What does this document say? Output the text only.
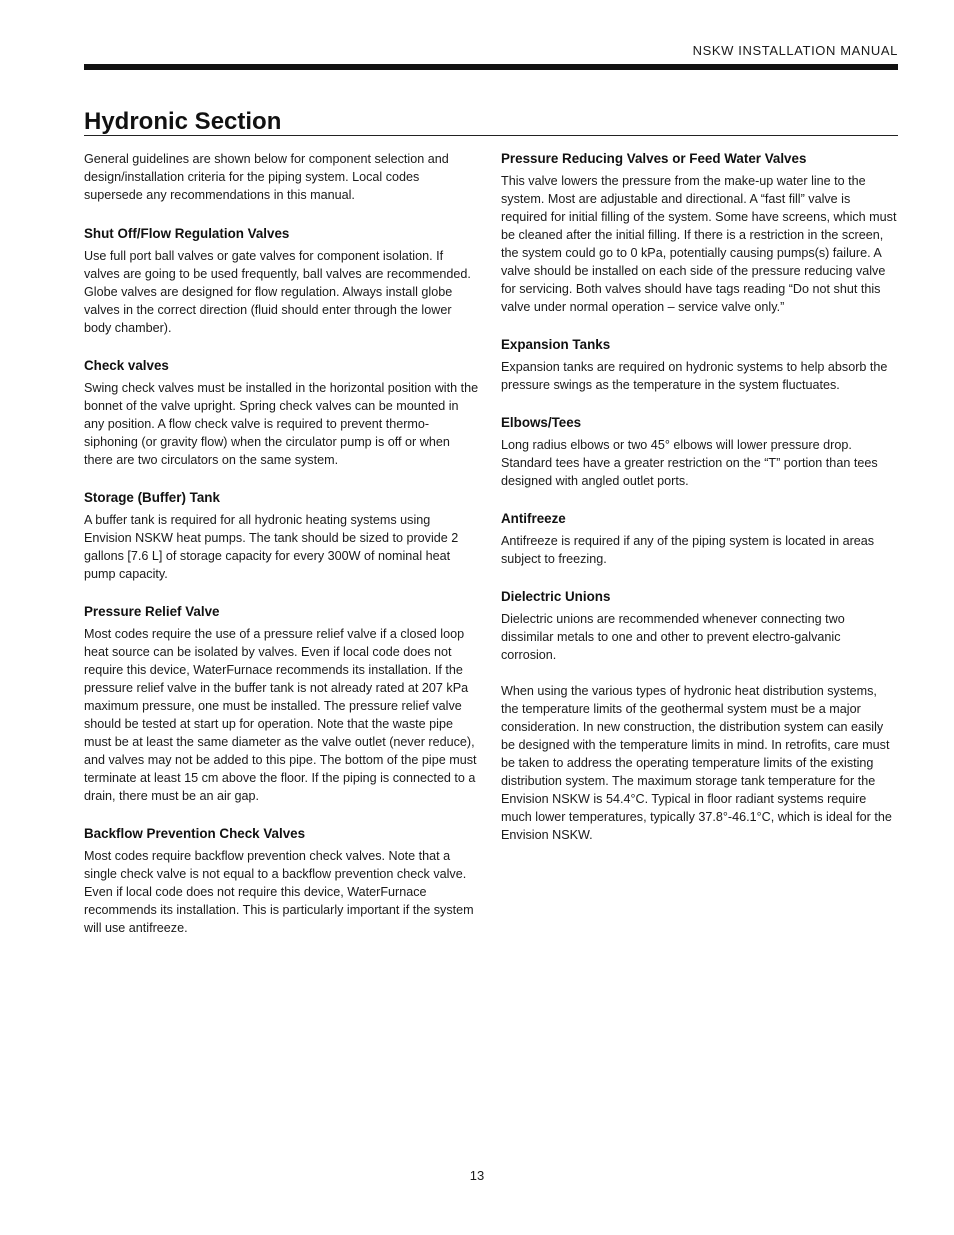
NSKW INSTALLATION MANUAL
Hydronic Section

General guidelines are shown below for component selection and design/installation criteria for the piping system. Local codes supersede any recommendations in this manual.

Shut Off/Flow Regulation Valves

Use full port ball valves or gate valves for component isolation. If valves are going to be used frequently, ball valves are recommended. Globe valves are designed for flow regulation. Always install globe valves in the correct direction (fluid should enter through the lower body chamber).

Check valves

Swing check valves must be installed in the horizontal position with the bonnet of the valve upright. Spring check valves can be mounted in any position. A flow check valve is required to prevent thermo-siphoning (or gravity flow) when the circulator pump is off or when there are two circulators on the same system.

Storage (Buffer) Tank

A buffer tank is required for all hydronic heating systems using Envision NSKW heat pumps. The tank should be sized to provide 2 gallons [7.6 L] of storage capacity for every 300W of nominal heat pump capacity.

Pressure Relief Valve

Most codes require the use of a pressure relief valve if a closed loop heat source can be isolated by valves. Even if local code does not require this device, WaterFurnace recommends its installation. If the pressure relief valve in the buffer tank is not already rated at 207 kPa maximum pressure, one must be installed. The pressure relief valve should be tested at start up for operation. Note that the waste pipe must be at least the same diameter as the valve outlet (never reduce), and valves may not be added to this pipe. The bottom of the pipe must terminate at least 15 cm above the floor. If the piping is connected to a drain, there must be an air gap.

Backflow Prevention Check Valves

Most codes require backflow prevention check valves. Note that a single check valve is not equal to a backflow prevention check valve. Even if local code does not require this device, WaterFurnace recommends its installation. This is particularly important if the system will use antifreeze.

Pressure Reducing Valves or Feed Water Valves

This valve lowers the pressure from the make-up water line to the system. Most are adjustable and directional. A “fast fill” valve is required for initial filling of the system. Some have screens, which must be cleaned after the initial filling. If there is a restriction in the screen, the system could go to 0 kPa, potentially causing pumps(s) failure. A valve should be installed on each side of the pressure reducing valve for servicing. Both valves should have tags reading “Do not shut this valve under normal operation – service valve only.”

Expansion Tanks

Expansion tanks are required on hydronic systems to help absorb the pressure swings as the temperature in the system fluctuates.

Elbows/Tees

Long radius elbows or two 45° elbows will lower pressure drop. Standard tees have a greater restriction on the “T” portion than tees designed with angled outlet ports.

Antifreeze

Antifreeze is required if any of the piping system is located in areas subject to freezing.

Dielectric Unions

Dielectric unions are recommended whenever connecting two dissimilar metals to one and other to prevent electro-galvanic corrosion.

When using the various types of hydronic heat distribution systems, the temperature limits of the geothermal system must be a major consideration. In new construction, the distribution system can easily be designed with the temperature limits in mind. In retrofits, care must be taken to address the operating temperature limits of the existing distribution system. The maximum storage tank temperature for the Envision NSKW is 54.4°C. Typical in floor radiant systems require much lower temperatures, typically 37.8°-46.1°C, which is ideal for the Envision NSKW.

13
